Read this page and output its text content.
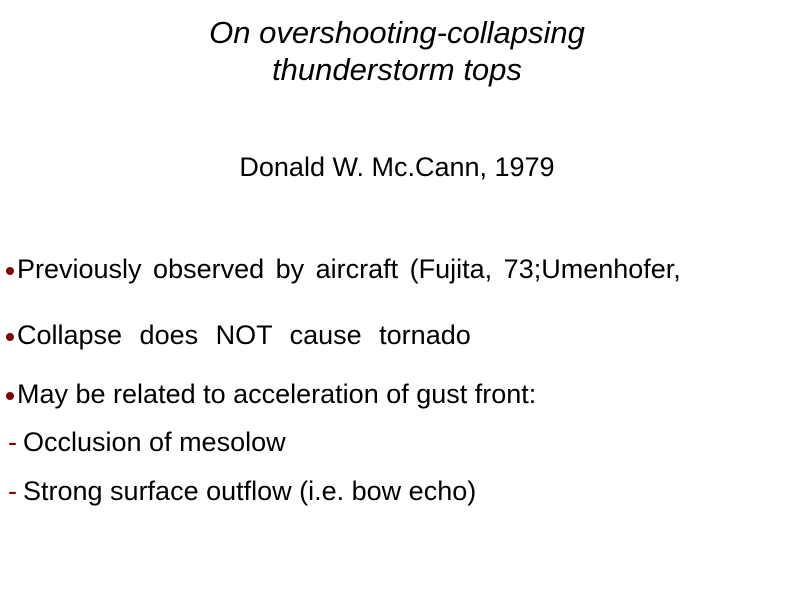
On overshooting-collapsing
thunderstorm tops
Donald W. Mc.Cann, 1979
Previously observed by aircraft (Fujita, 73;Umenhofer,
Collapse does NOT cause tornado
May be related to acceleration of gust front:
- Occlusion of mesolow
- Strong surface outflow (i.e. bow echo)
